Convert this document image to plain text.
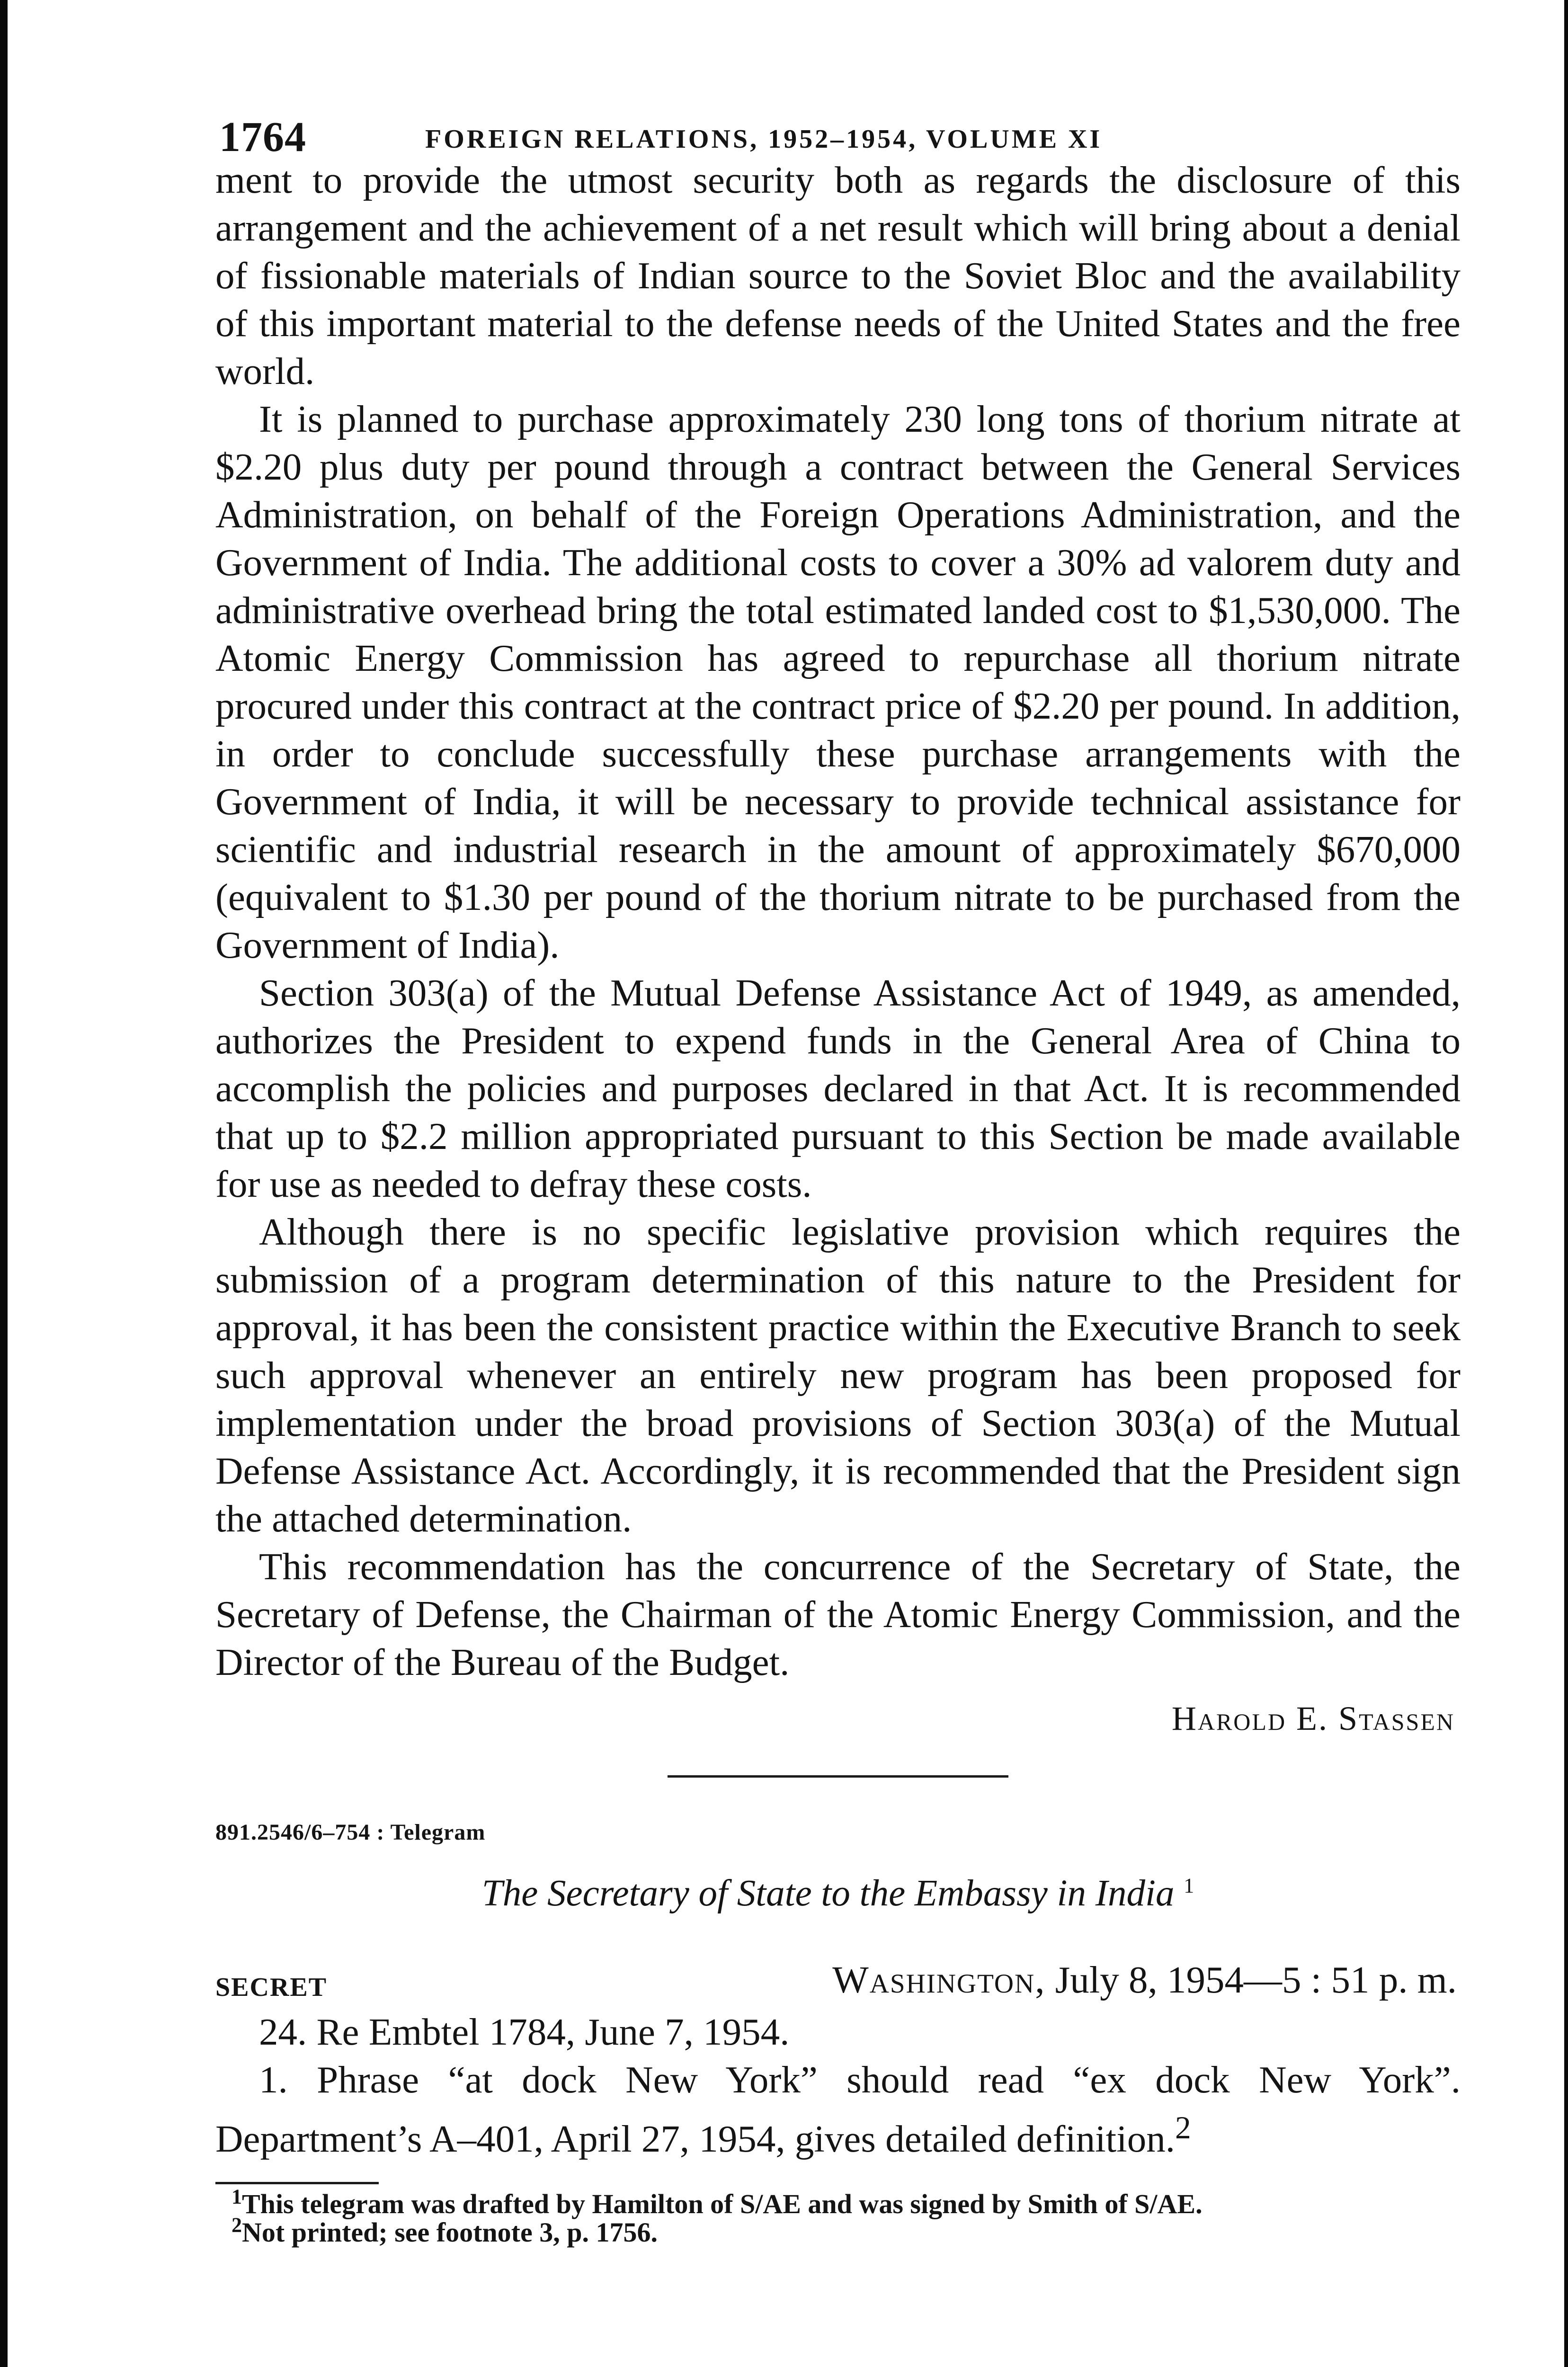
1764	FOREIGN RELATIONS, 1952–1954, VOLUME XI

ment to provide the utmost security both as regards the disclosure of this arrangement and the achievement of a net result which will bring about a denial of fissionable materials of Indian source to the Soviet Bloc and the availability of this important material to the defense needs of the United States and the free world.

It is planned to purchase approximately 230 long tons of thorium nitrate at $2.20 plus duty per pound through a contract between the General Services Administration, on behalf of the Foreign Operations Administration, and the Government of India. The additional costs to cover a 30% ad valorem duty and administrative overhead bring the total estimated landed cost to $1,530,000. The Atomic Energy Commission has agreed to repurchase all thorium nitrate procured under this contract at the contract price of $2.20 per pound. In addition, in order to conclude successfully these purchase arrangements with the Government of India, it will be necessary to provide technical assistance for scientific and industrial research in the amount of approximately $670,000 (equivalent to $1.30 per pound of the thorium nitrate to be purchased from the Government of India).

Section 303(a) of the Mutual Defense Assistance Act of 1949, as amended, authorizes the President to expend funds in the General Area of China to accomplish the policies and purposes declared in that Act. It is recommended that up to $2.2 million appropriated pursuant to this Section be made available for use as needed to defray these costs.

Although there is no specific legislative provision which requires the submission of a program determination of this nature to the President for approval, it has been the consistent practice within the Executive Branch to seek such approval whenever an entirely new program has been proposed for implementation under the broad provisions of Section 303(a) of the Mutual Defense Assistance Act. Accordingly, it is recommended that the President sign the attached determination.

This recommendation has the concurrence of the Secretary of State, the Secretary of Defense, the Chairman of the Atomic Energy Commission, and the Director of the Bureau of the Budget.

Harold E. Stassen
891.2546/6–754 : Telegram
The Secretary of State to the Embassy in India $^1$
SECRET	Washington, July 8, 1954—5 : 51 p. m.

24. Re Embtel 1784, June 7, 1954.

1. Phrase “at dock New York” should read “ex dock New York”. Department’s A–401, April 27, 1954, gives detailed definition.$^2$

$^1$This telegram was drafted by Hamilton of S/AE and was signed by Smith of S/AE.

$^2$Not printed; see footnote 3, p. 1756.
